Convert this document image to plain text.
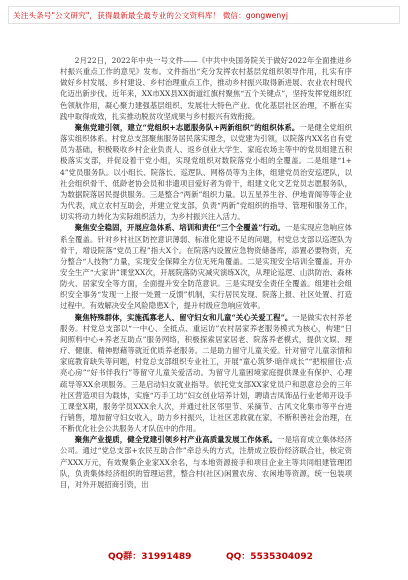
关注头条号"公文研究"，获得最新最全最专业的公文资料库！ 微信：gongwenyj

2月22日，2022年中央一号文件——《中共中央国务院关于做好2022年全面推进乡村振兴重点工作的意见》发布。文件指出“充分发挥农村基层党组织领导作用，扎实有序做好乡村发展、乡村建设、乡村治理重点工作，推动乡村振兴取得新进展、农业农村现代化迈出新步伐。近年来，XX市XX县XX街道红旗村聚焦“五个关键点”，坚持发挥党组织红色领航作用，凝心聚力建强基层组织、发展壮大特色产业、优化基层社区治理，不断在实践中取得成效，扎实推动脱贫攻坚成果与乡村振兴有效衔接。

聚焦党建引领，建立“党组织+志愿服务队+两新组织”的组织体系。一是健全党组织落实组织体系。村党总支部聚焦服务居民落实理念，以党建为引领，以院落内XX名自有党员为基础，积极吸收乡村企业负责人、返乡创业大学生、家庭农场主等中的党员组建五积极落实支部，并促设着干党小组，实现党组织对数院落党小组的全覆盖。二是组建“1+4”党员服务队。以小组长、院落长、巡逻队、网格员等为主体，组建党员治安巡逻队，以社会组织骨干、低龄老协会员和非遗项目爱好者为骨干，组建文化文艺党员志愿服务队，为数据院落居民提供服务。三是整合“两新”组织力量。以五星养生谷、伊地青阁等等企业为代表，成立农村互助会，并建立党支部，负责“两新”党组织的指导、管理和服务工作，切实将动力转化为实际组织活力，为乡村振兴注入活力。

聚焦安全稳固，开展应急体系、培训和责任“三个全覆盖”行动。一是实现应急响应体系全覆盖。针对乡村社区防控意识薄弱、标准化建设不足的问题，村党总支部以巡逻队为骨干，增设院落“党员工程”指大X个。在院落内设置应急物资储备库，添置必要物资，充分整合“人技物”力量，实现安全保障全方位无死角覆盖。二是实现安全培训全覆盖。开办安全生产“大家讲”课堂XX次，开展院落防灾减灾演练X次，从理论巡逻、山洪防治、森林防火、居家安全等方面，全面提升安全防范意识。三是实现安全责任全覆盖。组建社会组织安全事务“发现一上报一处置一反馈”机制，实行居民发现、院落上报、社区处置、打造过程中。有效解决安全风险隐患X个，提升村级应急响应效率。

聚焦特殊群体，实施孤寡老人、留守妇女和儿童“关心关爱工程”。一是做实农村养老服务。村党总支部以“一中心、全抵点、重运访”农村居家养老服务模式为核心，构建“日间照料中心+养老互助点”服务网络，积极探索居家居老、院落养老模式，提供文娱、理疗、健康、精神慰藉等就近优质养老服务。二是助力留守儿童关爱。针对留守儿童亲情和家庭教育缺失等问题，村党总支部组织专业社工，开展“童心筑梦·暗伴成长”“把根留住·点亮心房”“好书伴我行”等留守儿童关爱活动。为留守儿童困境家庭提供课业有保护、心理疏导等XX余项服务。三是启动妇女就业指导。依托党支部XX家党员户和思意总会的三年社区营造项目为载体，实施“巧手工坊”妇女创业培养计划，聘请吉凤饰品行业老师开设手工课堂X期，服务学员XXX余人次，并通过社区邻里节、采摘节、古风文化集市等平台进行销售，增加留守妇女收入，助力乡村振兴，让社区悲救就在家，不断积善社会治理，在不断优化社会公共服务人才队伍中的作用。

聚焦产业提质，健全党建引领乡村产业高质量发展工作体系。一是培育成立集体经济公司。通过“党总支部+农民互助合作”牵总头的方式，注册成立股份经济联合社，核定资产XXX万元，有效聚集企业家XX余名，与本地资源接手和项目企业主等共同组建管理团队，负责集体经济组织的管理运营，整合村(社区)闲置农房、农闲地等资源，统一包装项目，对外开展招商引资，出

QQ群：31991489	QQ：5535304092
